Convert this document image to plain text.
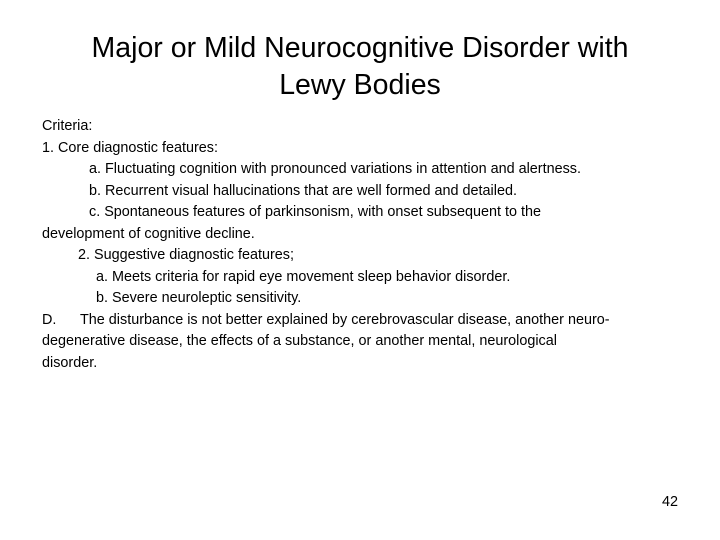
Major or Mild Neurocognitive Disorder with
Lewy Bodies
Criteria:
1. Core diagnostic features:
a. Fluctuating cognition with pronounced variations in attention and alertness.
b. Recurrent visual hallucinations that are well formed and detailed.
c. Spontaneous features of parkinsonism, with onset subsequent to the
development of cognitive decline.
2. Suggestive diagnostic features;
a. Meets criteria for rapid eye movement sleep behavior disorder.
b. Severe neuroleptic sensitivity.
D. The disturbance is not better explained by cerebrovascular disease, another neuro-
degenerative disease, the effects of a substance, or another mental, neurological
disorder.
42
